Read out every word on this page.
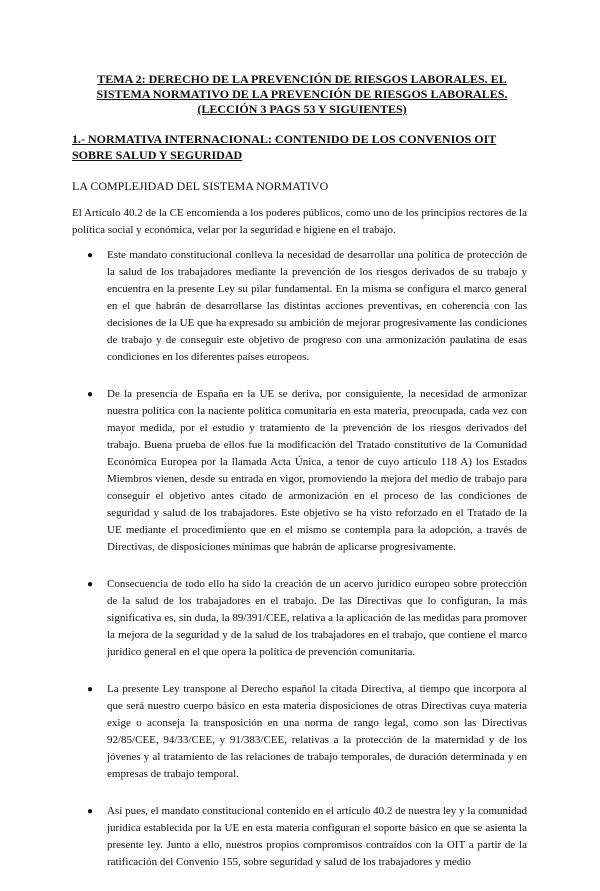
TEMA 2: DERECHO DE LA PREVENCIÓN DE RIESGOS LABORALES. EL SISTEMA NORMATIVO DE LA PREVENCIÓN DE RIESGOS LABORALES. (LECCIÓN 3 PAGS 53 Y SIGUIENTES)
1.- NORMATIVA INTERNACIONAL: CONTENIDO DE LOS CONVENIOS OIT SOBRE SALUD Y SEGURIDAD
LA COMPLEJIDAD DEL SISTEMA NORMATIVO
El Artículo 40.2 de la CE encomienda a los poderes públicos, como uno de los principios rectores de la política social y económica, velar por la seguridad e higiene en el trabajo.
● Este mandato constitucional conlleva la necesidad de desarrollar una política de protección de la salud de los trabajadores mediante la prevención de los riesgos derivados de su trabajo y encuentra en la presente Ley su pilar fundamental. En la misma se configura el marco general en el que habrán de desarrollarse las distintas acciones preventivas, en coherencia con las decisiones de la UE que ha expresado su ambición de mejorar progresivamente las condiciones de trabajo y de conseguir este objetivo de progreso con una armonización paulatina de esas condiciones en los diferentes países europeos.
● De la presencia de España en la UE se deriva, por consiguiente, la necesidad de armonizar nuestra política con la naciente política comunitaria en esta materia, preocupada, cada vez con mayor medida, por el estudio y tratamiento de la prevención de los riesgos derivados del trabajo. Buena prueba de ellos fue la modificación del Tratado constitutivo de la Comunidad Económica Europea por la llamada Acta Única, a tenor de cuyo artículo 118 A) los Estados Miembros vienen, desde su entrada en vigor, promoviendo la mejora del medio de trabajo para conseguir el objetivo antes citado de armonización en el proceso de las condiciones de seguridad y salud de los trabajadores. Este objetivo se ha visto reforzado en el Tratado de la UE mediante el procedimiento que en el mismo se contempla para la adopción, a través de Directivas, de disposiciones mínimas que habrán de aplicarse progresivamente.
● Consecuencia de todo ello ha sido la creación de un acervo jurídico europeo sobre protección de la salud de los trabajadores en el trabajo. De las Directivas que lo configuran, la más significativa es, sin duda, la 89/391/CEE, relativa a la aplicación de las medidas para promover la mejora de la seguridad y de la salud de los trabajadores en el trabajo, que contiene el marco jurídico general en el que opera la política de prevención comunitaria.
● La presente Ley transpone al Derecho español la citada Directiva, al tiempo que incorpora al que será nuestro cuerpo básico en esta materia disposiciones de otras Directivas cuya materia exige o aconseja la transposición en una norma de rango legal, como son las Directivas 92/85/CEE, 94/33/CEE, y 91/383/CEE, relativas a la protección de la maternidad y de los jóvenes y al tratamiento de las relaciones de trabajo temporales, de duración determinada y en empresas de trabajo temporal.
● Así pues, el mandato constitucional contenido en el artículo 40.2 de nuestra ley y la comunidad jurídica establecida por la UE en esta materia configuran el soporte básico en que se asienta la presente ley. Junto a ello, nuestros propios compromisos contraídos con la OIT a partir de la ratificación del Convenio 155, sobre seguridad y salud de los trabajadores y medio
